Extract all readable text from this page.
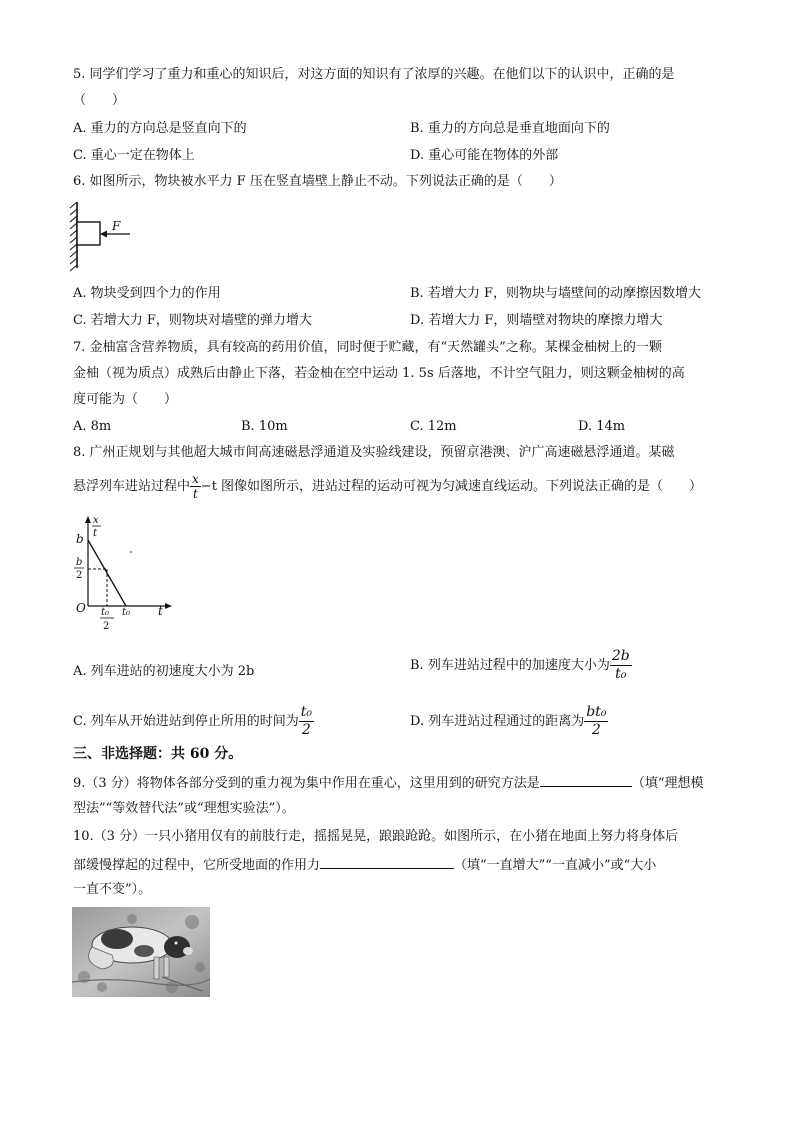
5. 同学们学习了重力和重心的知识后，对这方面的知识有了浓厚的兴趣。在他们以下的认识中，正确的是
（　　）
A. 重力的方向总是竖直向下的	B. 重力的方向总是垂直地面向下的
C. 重心一定在物体上	D. 重心可能在物体的外部
6. 如图所示，物块被水平力 F 压在竖直墙壁上静止不动。下列说法正确的是（　　）
F
A. 物块受到四个力的作用	B. 若增大力 F，则物块与墙壁间的动摩擦因数增大
C. 若增大力 F，则物块对墙壁的弹力增大	D. 若增大力 F，则墙壁对物块的摩擦力增大
7. 金柚富含营养物质，具有较高的药用价值，同时便于贮藏，有“天然罐头”之称。某棵金柚树上的一颗
金柚（视为质点）成熟后由静止下落，若金柚在空中运动 1. 5s 后落地，不计空气阻力，则这颗金柚树的高
度可能为（　　）
A. 8m	B. 10m	C. 12m	D. 14m
8. 广州正规划与其他超大城市间高速磁悬浮通道及实验线建设，预留京港澳、沪广高速磁悬浮通道。某磁
悬浮列车进站过程中 $\frac{x}{t} -t$ 图像如图所示，进站过程的运动可视为匀减速直线运动。下列说法正确的是（　　）
x
t
b
b
2
O t₀
2
t₀ t
A. 列车进站的初速度大小为 2b	B. 列车进站过程中的加速度大小为 $\frac{2b}{\text{t₀}}$
C. 列车从开始进站到停止所用的时间为 $\frac{\text{t₀}}{2}$	D. 列车进站过程通过的距离为 $\frac{\text{bt₀}}{2}$
三、非选择题：共 60 分。
9.（3 分）将物体各部分受到的重力视为集中作用在重心，这里用到的研究方法是	（填“理想模
型法”“等效替代法”或“理想实验法”）。
10.（3 分）一只小猪用仅有的前肢行走，摇摇晃晃，踉踉跄跄。如图所示，在小猪在地面上努力将身体后
部缓慢撑起的过程中，它所受地面的作用力	（填“一直增大”“一直减小”或“大小
一直不变”）。
